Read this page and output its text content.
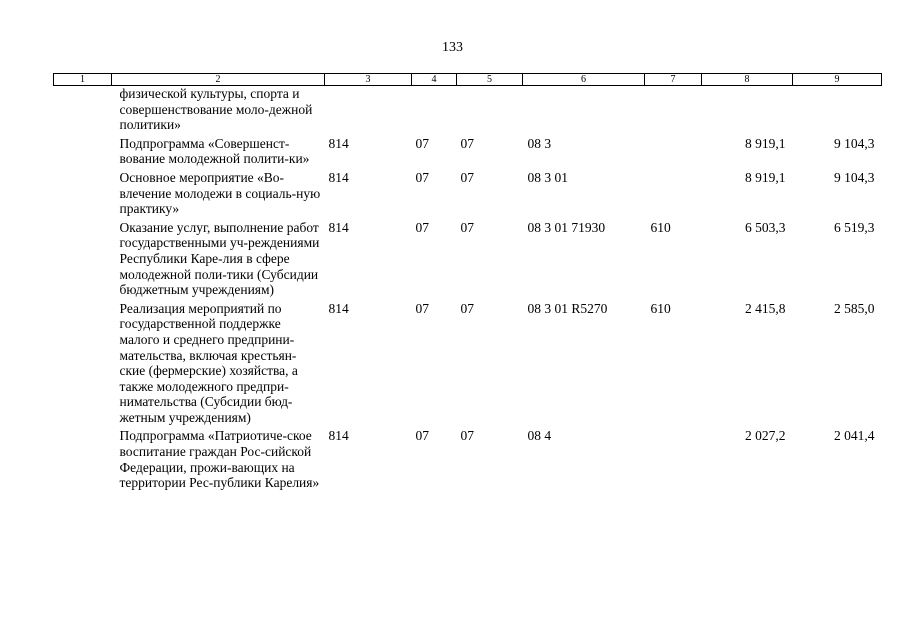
133
1	2	3	4	5	6	7	8	9
	физической культуры, спорта и совершенствование моло-дежной политики»							
	Подпрограмма «Совершенст-вование молодежной полити-ки»	814	07	07	08 3		8 919,1	9 104,3
	Основное мероприятие «Во-влечение молодежи в социаль-ную практику»	814	07	07	08 3 01		8 919,1	9 104,3
	Оказание услуг, выполнение работ государственными уч-реждениями Республики Каре-лия в сфере молодежной поли-тики (Субсидии бюджетным учреждениям)	814	07	07	08 3 01 71930	610	6 503,3	6 519,3
	Реализация мероприятий по государственной поддержке малого и среднего предприни-мательства, включая крестьян-ские (фермерские) хозяйства, а также молодежного предпри-нимательства (Субсидии бюд-жетным учреждениям)	814	07	07	08 3 01 R5270	610	2 415,8	2 585,0
	Подпрограмма «Патриотиче-ское воспитание граждан Рос-сийской Федерации, прожи-вающих на территории Рес-публики Карелия»	814	07	07	08 4		2 027,2	2 041,4
